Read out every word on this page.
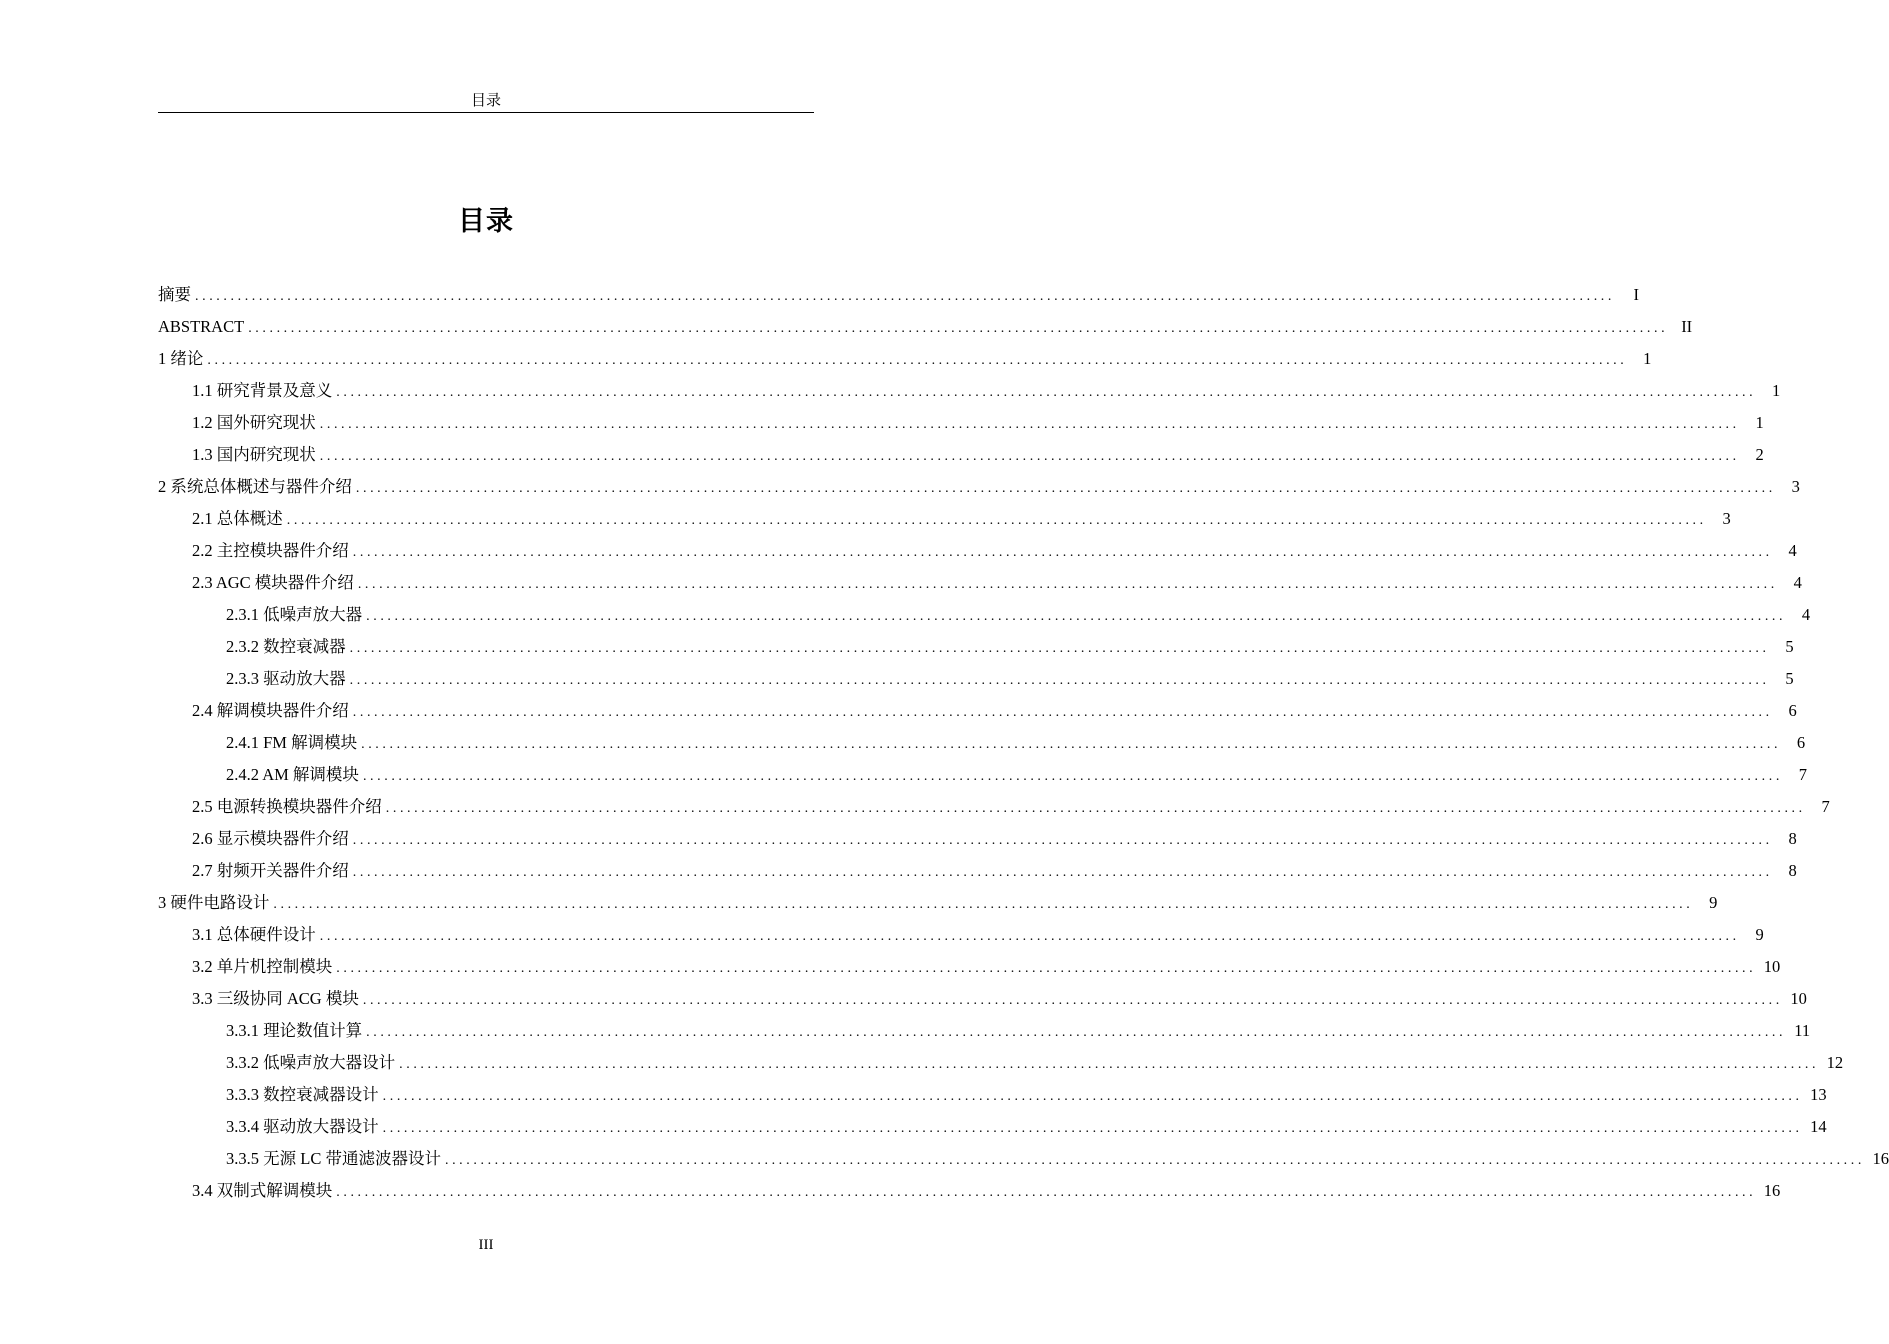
目录
目录
摘要 ........................................................................................................................................................................................................	I
ABSTRACT ........................................................................................................................................................................................................ II
1 绪论 ........................................................................................................................................................................................................ 1
1.1 研究背景及意义 ........................................................................................................................................................................................................ 1
1.2 国外研究现状 ........................................................................................................................................................................................................ 1
1.3 国内研究现状 ........................................................................................................................................................................................................ 2
2 系统总体概述与器件介绍 ........................................................................................................................................................................................................ 3
2.1 总体概述 ........................................................................................................................................................................................................ 3
2.2 主控模块器件介绍 ........................................................................................................................................................................................................ 4
2.3 AGC 模块器件介绍 ........................................................................................................................................................................................................ 4
2.3.1 低噪声放大器 ........................................................................................................................................................................................................ 4
2.3.2 数控衰减器 ........................................................................................................................................................................................................ 5
2.3.3 驱动放大器 ........................................................................................................................................................................................................ 5
2.4 解调模块器件介绍 ........................................................................................................................................................................................................ 6
2.4.1 FM 解调模块 ........................................................................................................................................................................................................ 6
2.4.2 AM 解调模块 ........................................................................................................................................................................................................ 7
2.5 电源转换模块器件介绍 ........................................................................................................................................................................................................ 7
2.6 显示模块器件介绍 ........................................................................................................................................................................................................ 8
2.7 射频开关器件介绍 ........................................................................................................................................................................................................ 8
3 硬件电路设计 ........................................................................................................................................................................................................ 9
3.1 总体硬件设计 ........................................................................................................................................................................................................ 9
3.2 单片机控制模块 ........................................................................................................................................................................................................ 10
3.3 三级协同 ACG 模块 ........................................................................................................................................................................................................ 10
3.3.1 理论数值计算 ........................................................................................................................................................................................................ 11
3.3.2 低噪声放大器设计 ........................................................................................................................................................................................................ 12
3.3.3 数控衰减器设计 ........................................................................................................................................................................................................ 13
3.3.4 驱动放大器设计 ........................................................................................................................................................................................................ 14
3.3.5 无源 LC 带通滤波器设计 ........................................................................................................................................................................................................ 16
3.4 双制式解调模块 ........................................................................................................................................................................................................ 16
III
